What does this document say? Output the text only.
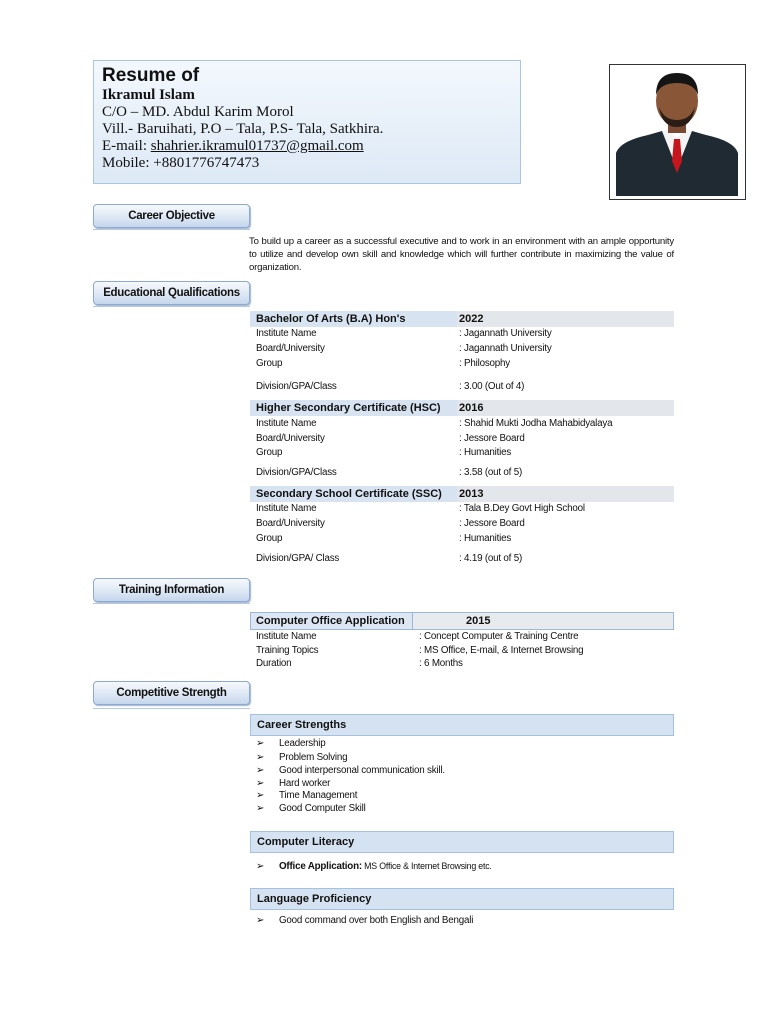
Resume of
Ikramul Islam
C/O – MD. Abdul Karim Morol
Vill.- Baruihati, P.O – Tala, P.S- Tala, Satkhira.
E-mail: shahrier.ikramul01737@gmail.com
Mobile: +8801776747473
Career Objective
To build up a career as a successful executive and to work in an environment with an ample opportunity to utilize and develop own skill and knowledge which will further contribute in maximizing the value of organization.
Educational Qualifications
Bachelor Of Arts (B.A) Hon's	2022
Institute Name	: Jagannath University
Board/University	: Jagannath University
Group	: Philosophy
Division/GPA/Class	: 3.00 (Out of 4)
Higher Secondary Certificate (HSC)	2016
Institute Name	: Shahid Mukti Jodha Mahabidyalaya
Board/University	: Jessore Board
Group	: Humanities
Division/GPA/Class	: 3.58 (out of 5)
Secondary School Certificate (SSC)	2013
Institute Name	: Tala B.Dey Govt High School
Board/University	: Jessore Board
Group	: Humanities
Division/GPA/ Class	: 4.19 (out of 5)
Training Information
Computer Office Application	2015
Institute Name	: Concept Computer & Training Centre
Training Topics	: MS Office, E-mail, & Internet Browsing
Duration	: 6 Months
Competitive Strength
Career Strengths
➢ Leadership
➢ Problem Solving
➢ Good interpersonal communication skill.
➢ Hard worker
➢ Time Management
➢ Good Computer Skill
Computer Literacy
➢ Office Application: MS Office & Internet Browsing etc.
Language Proficiency
➢ Good command over both English and Bengali
